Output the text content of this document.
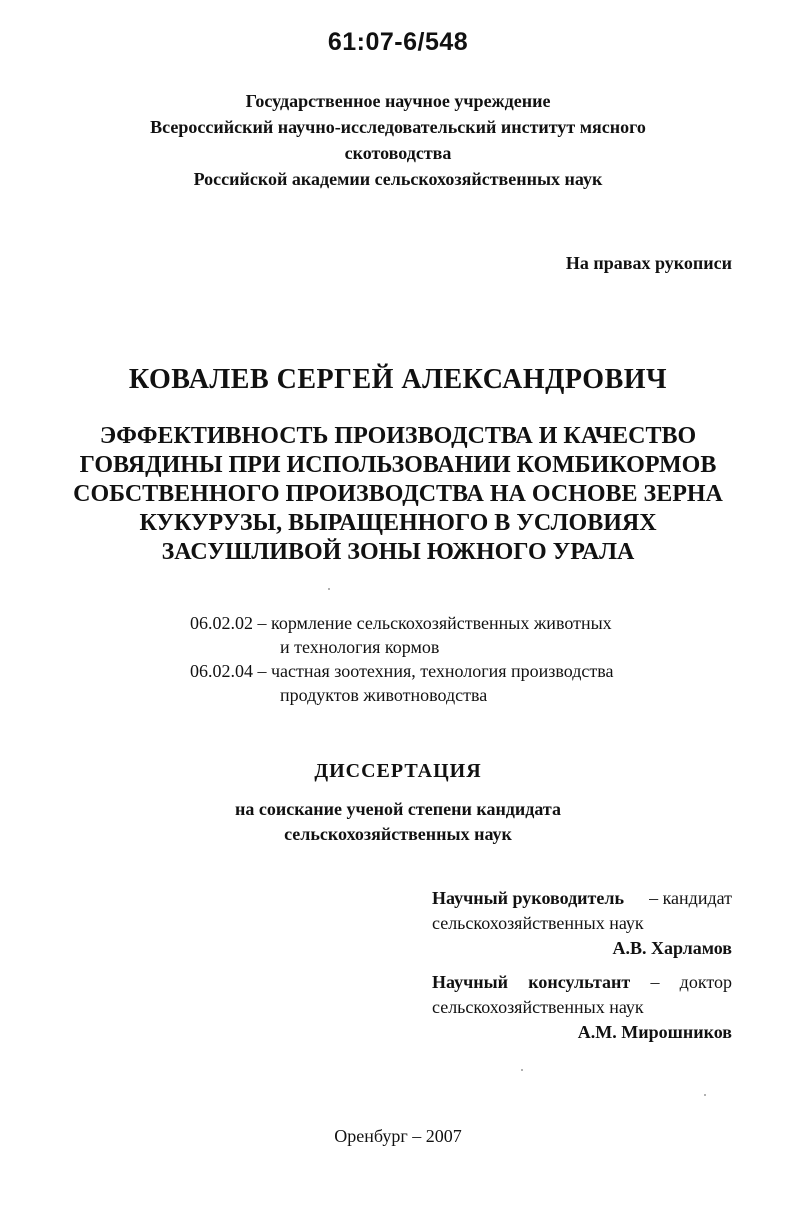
61:07-6/548
Государственное научное учреждение
Всероссийский научно-исследовательский институт мясного
скотоводства
Российской академии сельскохозяйственных наук
На правах рукописи
КОВАЛЕВ СЕРГЕЙ АЛЕКСАНДРОВИЧ
ЭФФЕКТИВНОСТЬ ПРОИЗВОДСТВА И КАЧЕСТВО
ГОВЯДИНЫ ПРИ ИСПОЛЬЗОВАНИИ КОМБИКОРМОВ
СОБСТВЕННОГО ПРОИЗВОДСТВА НА ОСНОВЕ ЗЕРНА
КУКУРУЗЫ, ВЫРАЩЕННОГО В УСЛОВИЯХ
ЗАСУШЛИВОЙ ЗОНЫ ЮЖНОГО УРАЛА
06.02.02 – кормление сельскохозяйственных животных
и технология кормов
06.02.04 – частная зоотехния, технология производства
продуктов животноводства
ДИССЕРТАЦИЯ
на соискание ученой степени кандидата
сельскохозяйственных наук
Научный руководитель – кандидат
сельскохозяйственных наук
А.В. Харламов
Научный консультант – доктор
сельскохозяйственных наук
А.М. Мирошников
Оренбург – 2007
